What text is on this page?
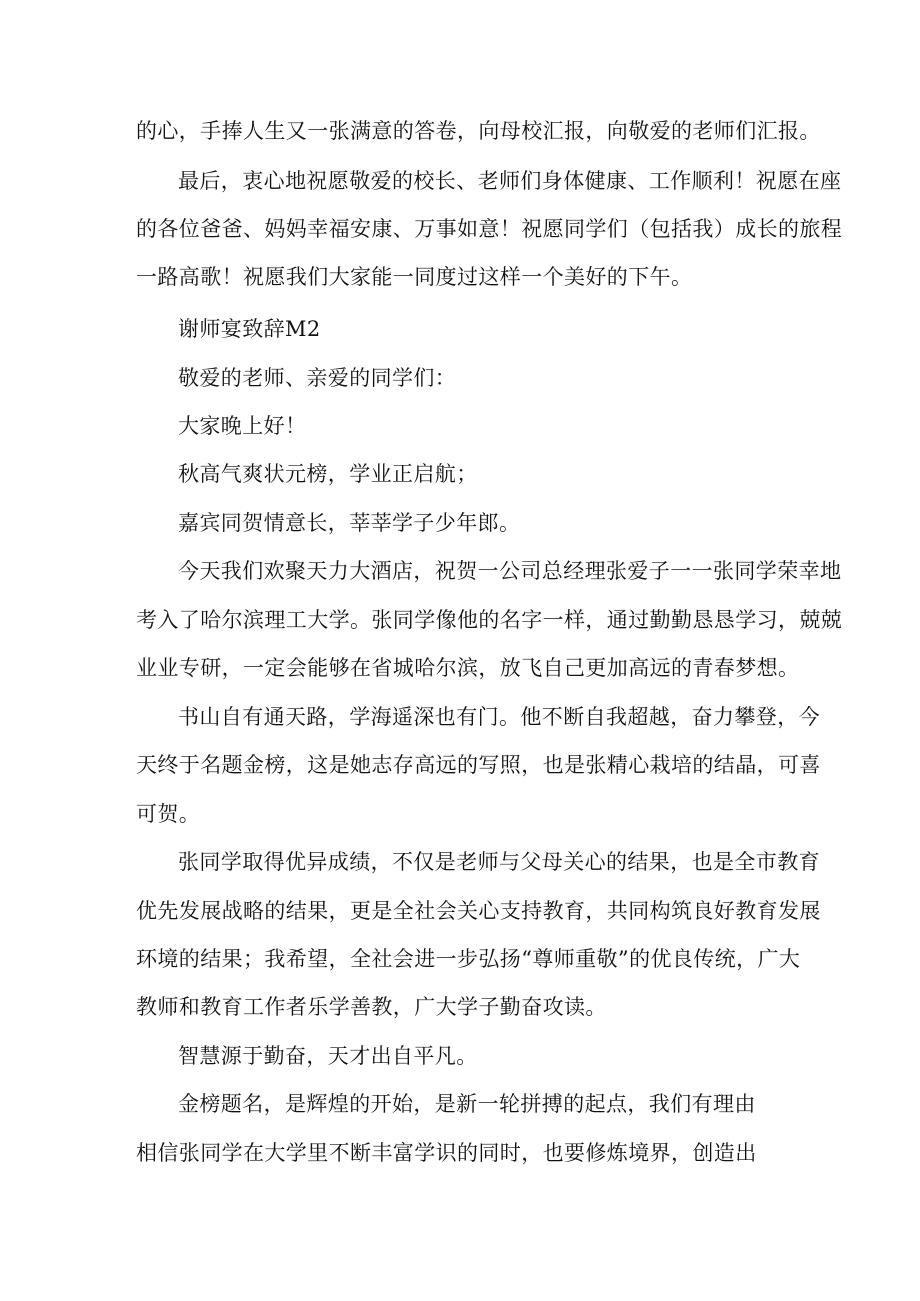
的心，手捧人生又一张满意的答卷，向母校汇报，向敬爱的老师们汇报。
最后，衷心地祝愿敬爱的校长、老师们身体健康、工作顺利！祝愿在座
的各位爸爸、妈妈幸福安康、万事如意！祝愿同学们（包括我）成长的旅程
一路高歌！祝愿我们大家能一同度过这样一个美好的下午。
谢师宴致辞M2
敬爱的老师、亲爱的同学们：
大家晚上好！
秋高气爽状元榜，学业正启航；
嘉宾同贺情意长，莘莘学子少年郎。
今天我们欢聚天力大酒店，祝贺一公司总经理张爱子一一张同学荣幸地
考入了哈尔滨理工大学。张同学像他的名字一样，通过勤勤恳恳学习，兢兢
业业专研，一定会能够在省城哈尔滨，放飞自己更加高远的青春梦想。
书山自有通天路，学海遥深也有门。他不断自我超越，奋力攀登，今
天终于名题金榜，这是她志存高远的写照，也是张精心栽培的结晶，可喜
可贺。
张同学取得优异成绩，不仅是老师与父母关心的结果，也是全市教育
优先发展战略的结果，更是全社会关心支持教育，共同构筑良好教育发展
环境的结果；我希望，全社会进一步弘扬“尊师重敬”的优良传统，广大
教师和教育工作者乐学善教，广大学子勤奋攻读。
智慧源于勤奋，天才出自平凡。
金榜题名，是辉煌的开始，是新一轮拼搏的起点，我们有理由
相信张同学在大学里不断丰富学识的同时，也要修炼境界，创造出
